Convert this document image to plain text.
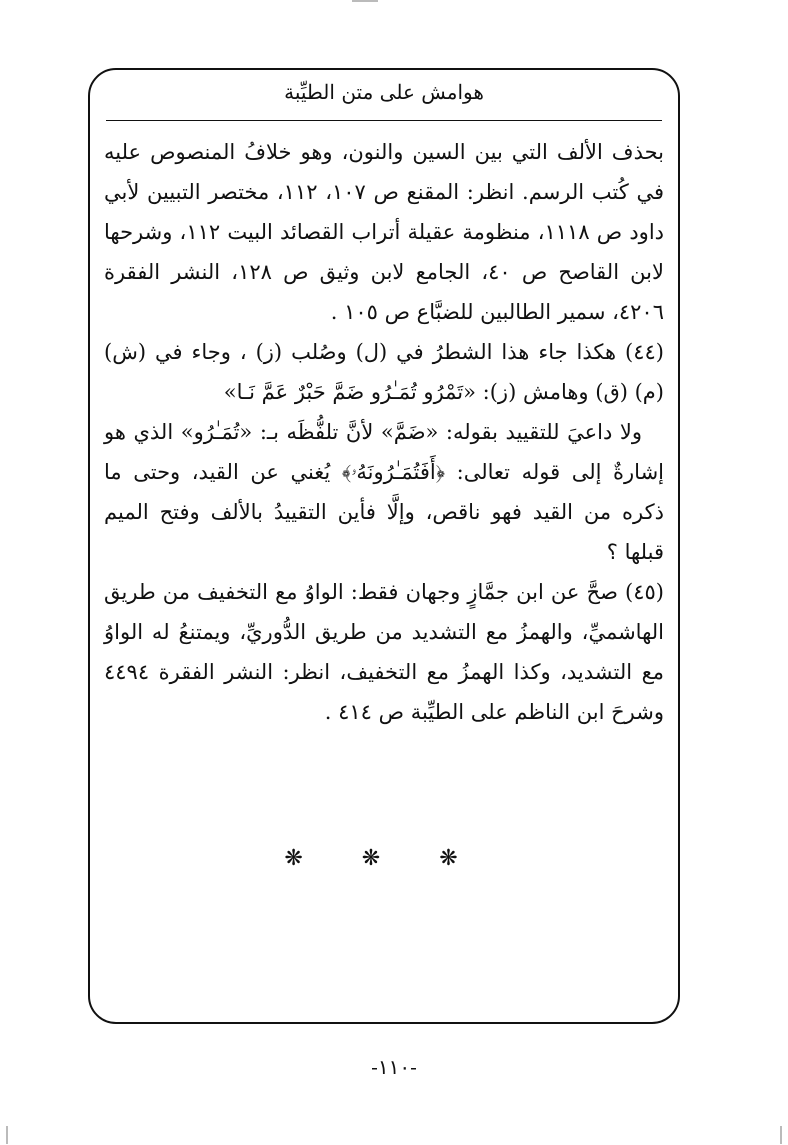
هوامش على متن الطيِّبة

بحذف الألف التي بين السين والنون، وهو خلافُ المنصوص عليه في كُتب الرسم. انظر: المقنع ص ١٠٧، ١١٢، مختصر التبيين لأبي داود ص ١١١٨، منظومة عقيلة أتراب القصائد البيت ١١٢، وشرحها لابن القاصح ص ٤٠، الجامع لابن وثيق ص ١٢٨، النشر الفقرة ٤٢٠٦، سمير الطالبين للضبَّاع ص ١٠٥ .

(٤٤) هكذا جاء هذا الشطرُ في (ل) وصُلب (ز) ، وجاء في (ش) (م) (ق) وهامش (ز): «تَمْرُو تُمَـٰرُو ضَمَّ حَبْرٌ عَمَّ نَـا»

ولا داعيَ للتقييد بقوله: «ضَمَّ» لأنَّ تلفُّظَه بـ: «تُمَـٰرُو» الذي هو إشارةٌ إلى قوله تعالى: ﴿أَفَتُمَـٰرُونَهُۥ﴾ يُغني عن القيد، وحتى ما ذكره من القيد فهو ناقص، وإلَّا فأين التقييدُ بالألف وفتح الميم قبلها ؟

(٤٥) صحَّ عن ابن جمَّازٍ وجهان فقط: الواوُ مع التخفيف من طريق الهاشميِّ، والهمزُ مع التشديد من طريق الدُّوريِّ، ويمتنعُ له الواوُ مع التشديد، وكذا الهمزُ مع التخفيف، انظر: النشر الفقرة ٤٤٩٤ وشرحَ ابن الناظم على الطيِّبة ص ٤١٤ .

❋ ❋ ❋
-١١٠-
